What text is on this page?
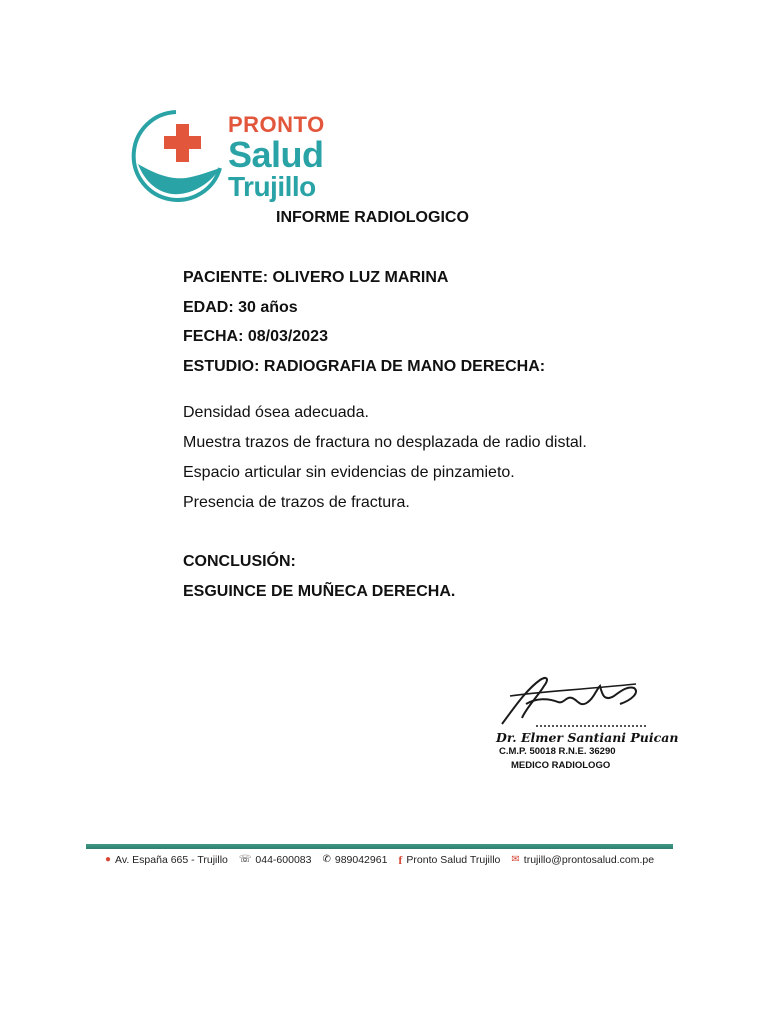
PRONTO
Salud
Trujillo
INFORME RADIOLOGICO
PACIENTE: OLIVERO LUZ MARINA
EDAD: 30 años
FECHA: 08/03/2023
ESTUDIO: RADIOGRAFIA DE MANO DERECHA:
Densidad ósea adecuada.
Muestra trazos de fractura no desplazada de radio distal.
Espacio articular sin evidencias de pinzamieto.
Presencia de trazos de fractura.
CONCLUSIÓN:
ESGUINCE DE MUÑECA DERECHA.
Dr. Elmer Santiani Puican
C.M.P. 50018 R.N.E. 36290
MEDICO RADIOLOGO
● Av. España 665 - Trujillo ☏ 044-600083 ✆ 989042961 f Pronto Salud Trujillo ✉ trujillo@prontosalud.com.pe
